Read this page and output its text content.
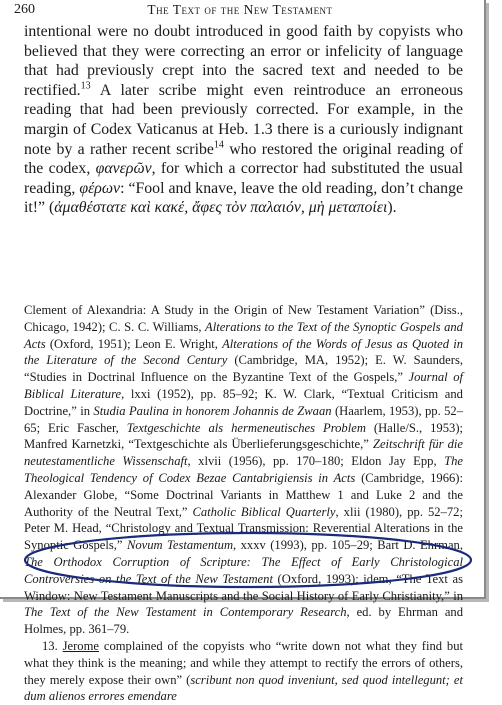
260	The Text of the New Testament

intentional were no doubt introduced in good faith by copyists who believed that they were correcting an error or infelicity of language that had previously crept into the sacred text and needed to be rectified.$^{13}$ A later scribe might even reintroduce an erroneous reading that had been previously corrected. For example, in the margin of Codex Vaticanus at Heb. 1.3 there is a curiously indignant note by a rather recent scribe$^{14}$ who restored the original reading of the codex, φανερῶν, for which a corrector had substituted the usual reading, φέρων: “Fool and knave, leave the old reading, don’t change it!” (ἀμαθέστατε καὶ κακέ, ἄφες τὸν παλαιόν, μὴ μεταποίει).

Clement of Alexandria: A Study in the Origin of New Testament Variation” (Diss., Chicago, 1942); C. S. C. Williams, Alterations to the Text of the Synoptic Gospels and Acts (Oxford, 1951); Leon E. Wright, Alterations of the Words of Jesus as Quoted in the Literature of the Second Century (Cambridge, MA, 1952); E. W. Saunders, “Studies in Doctrinal Influence on the Byzantine Text of the Gospels,” Journal of Biblical Literature, lxxi (1952), pp. 85–92; K. W. Clark, “Textual Criticism and Doctrine,” in Studia Paulina in honorem Johannis de Zwaan (Haarlem, 1953), pp. 52–65; Eric Fascher, Textgeschichte als hermeneutisches Problem (Halle/S., 1953); Manfred Karnetzki, “Textgeschichte als Überlieferungsgeschichte,” Zeitschrift für die neutestamentliche Wissenschaft, xlvii (1956), pp. 170–180; Eldon Jay Epp, The Theological Tendency of Codex Bezae Cantabrigiensis in Acts (Cambridge, 1966): Alexander Globe, “Some Doctrinal Variants in Matthew 1 and Luke 2 and the Authority of the Neutral Text,” Catholic Biblical Quarterly, xlii (1980), pp. 52–72; Peter M. Head, “Christology and Textual Transmission: Reverential Alterations in the Synoptic Gospels,” Novum Testamentum, xxxv (1993), pp. 105–29; Bart D. Ehrman, The Orthodox Corruption of Scripture: The Effect of Early Christological Controversies on the Text of the New Testament (Oxford, 1993); idem, “The Text as Window: New Testament Manuscripts and the Social History of Early Christianity,” in The Text of the New Testament in Contemporary Research, ed. by Ehrman and Holmes, pp. 361–79.

13. Jerome complained of the copyists who “write down not what they find but what they think is the meaning; and while they attempt to rectify the errors of others, they merely expose their own” (scribunt non quod inveniunt, sed quod intellegunt; et dum alienos errores emendare
